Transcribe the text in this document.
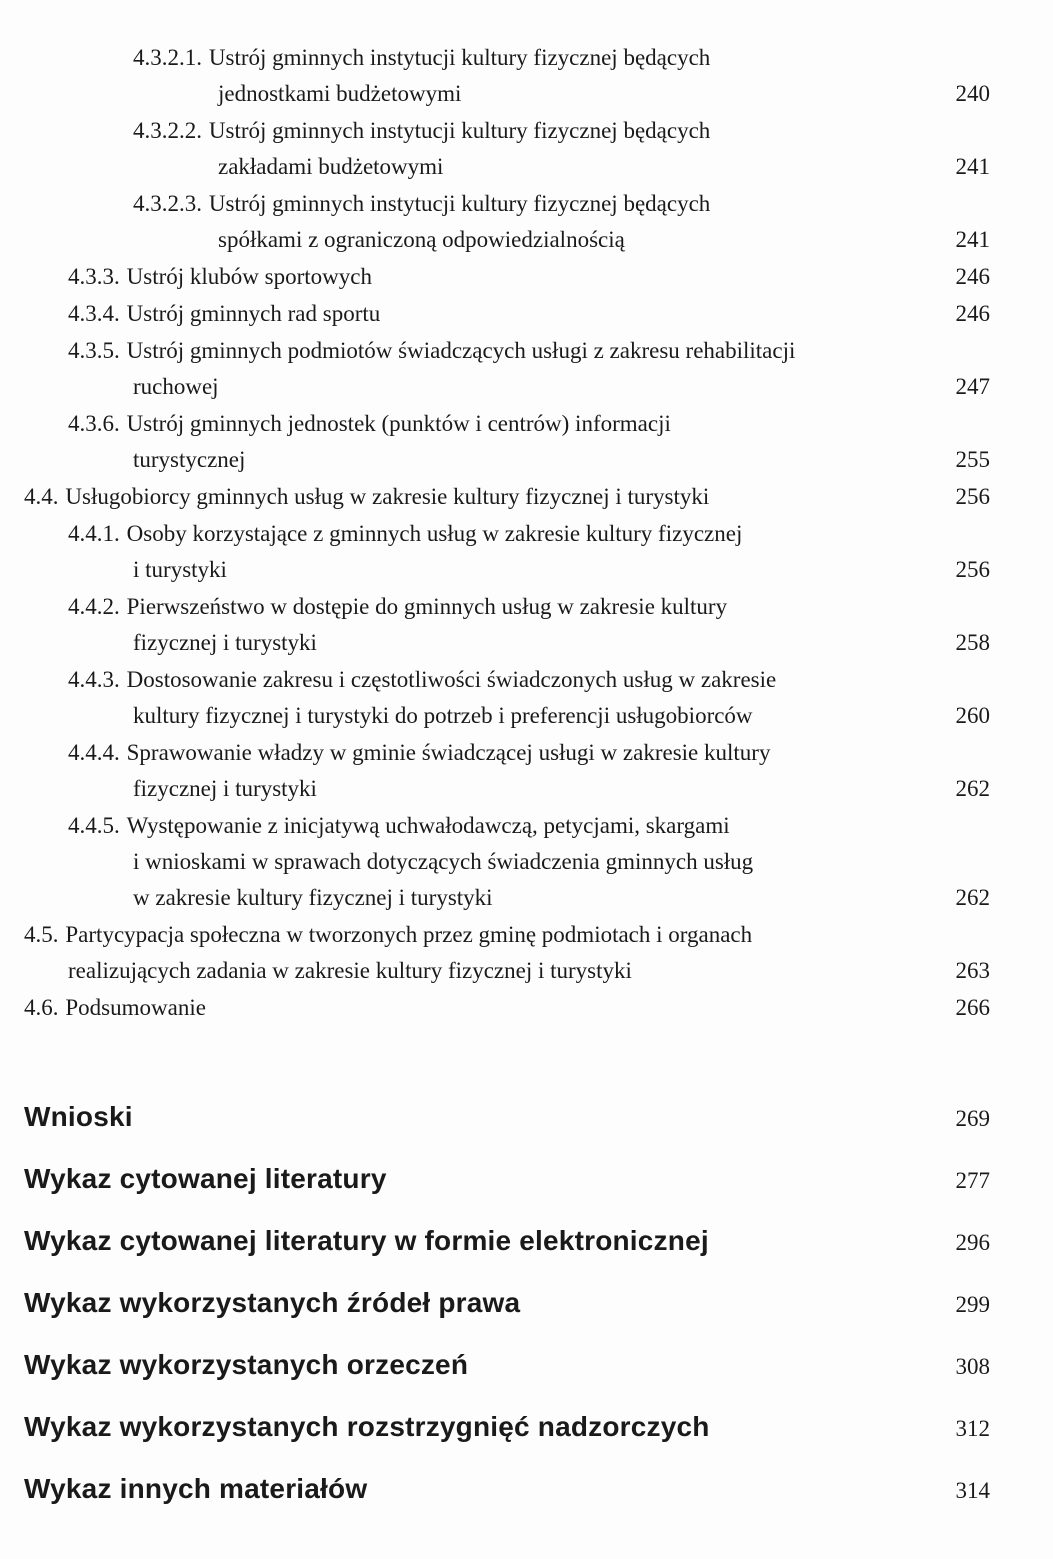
4.3.2.1. Ustrój gminnych instytucji kultury fizycznej będących
jednostkami budżetowymi	240
4.3.2.2. Ustrój gminnych instytucji kultury fizycznej będących
zakładami budżetowymi	241
4.3.2.3. Ustrój gminnych instytucji kultury fizycznej będących
spółkami z ograniczoną odpowiedzialnością	241
4.3.3. Ustrój klubów sportowych	246
4.3.4. Ustrój gminnych rad sportu	246
4.3.5. Ustrój gminnych podmiotów świadczących usługi z zakresu rehabilitacji
ruchowej	247
4.3.6. Ustrój gminnych jednostek (punktów i centrów) informacji
turystycznej	255
4.4. Usługobiorcy gminnych usług w zakresie kultury fizycznej i turystyki	256
4.4.1. Osoby korzystające z gminnych usług w zakresie kultury fizycznej
i turystyki	256
4.4.2. Pierwszeństwo w dostępie do gminnych usług w zakresie kultury
fizycznej i turystyki	258
4.4.3. Dostosowanie zakresu i częstotliwości świadczonych usług w zakresie
kultury fizycznej i turystyki do potrzeb i preferencji usługobiorców	260
4.4.4. Sprawowanie władzy w gminie świadczącej usługi w zakresie kultury
fizycznej i turystyki	262
4.4.5. Występowanie z inicjatywą uchwałodawczą, petycjami, skargami
i wnioskami w sprawach dotyczących świadczenia gminnych usług
w zakresie kultury fizycznej i turystyki	262
4.5. Partycypacja społeczna w tworzonych przez gminę podmiotach i organach
realizujących zadania w zakresie kultury fizycznej i turystyki	263
4.6. Podsumowanie	266
Wnioski	269
Wykaz cytowanej literatury	277
Wykaz cytowanej literatury w formie elektronicznej	296
Wykaz wykorzystanych źródeł prawa	299
Wykaz wykorzystanych orzeczeń	308
Wykaz wykorzystanych rozstrzygnięć nadzorczych	312
Wykaz innych materiałów	314
